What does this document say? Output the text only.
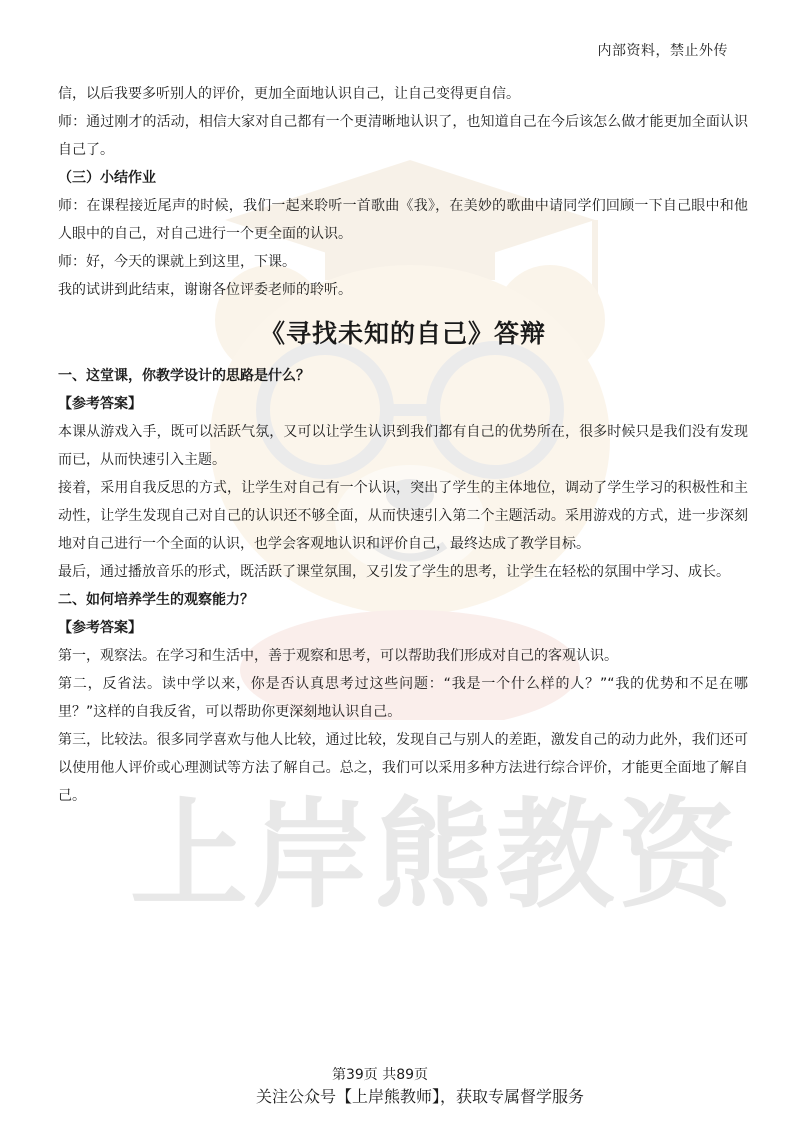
内部资料，禁止外传
上岸熊教资

信，以后我要多听别人的评价，更加全面地认识自己，让自己变得更自信。

师：通过刚才的活动，相信大家对自己都有一个更清晰地认识了，也知道自己在今后该怎么做才能更加全面认识自己了。

（三）小结作业

师：在课程接近尾声的时候，我们一起来聆听一首歌曲《我》，在美妙的歌曲中请同学们回顾一下自己眼中和他人眼中的自己，对自己进行一个更全面的认识。

师：好，今天的课就上到这里，下课。

我的试讲到此结束，谢谢各位评委老师的聆听。

《寻找未知的自己》答辩

一、这堂课，你教学设计的思路是什么？

【参考答案】

本课从游戏入手，既可以活跃气氛，又可以让学生认识到我们都有自己的优势所在，很多时候只是我们没有发现而已，从而快速引入主题。

接着，采用自我反思的方式，让学生对自己有一个认识，突出了学生的主体地位，调动了学生学习的积极性和主动性，让学生发现自己对自己的认识还不够全面，从而快速引入第二个主题活动。采用游戏的方式，进一步深刻地对自己进行一个全面的认识，也学会客观地认识和评价自己，最终达成了教学目标。

最后，通过播放音乐的形式，既活跃了课堂氛围，又引发了学生的思考，让学生在轻松的氛围中学习、成长。

二、如何培养学生的观察能力？

【参考答案】

第一，观察法。在学习和生活中，善于观察和思考，可以帮助我们形成对自己的客观认识。

第二，反省法。读中学以来，你是否认真思考过这些问题：“我是一个什么样的人？”“我的优势和不足在哪里？”这样的自我反省，可以帮助你更深刻地认识自己。

第三，比较法。很多同学喜欢与他人比较，通过比较，发现自己与别人的差距，激发自己的动力此外，我们还可以使用他人评价或心理测试等方法了解自己。总之，我们可以采用多种方法进行综合评价，才能更全面地了解自己。

第39页 共89页
关注公众号【上岸熊教师】，获取专属督学服务
